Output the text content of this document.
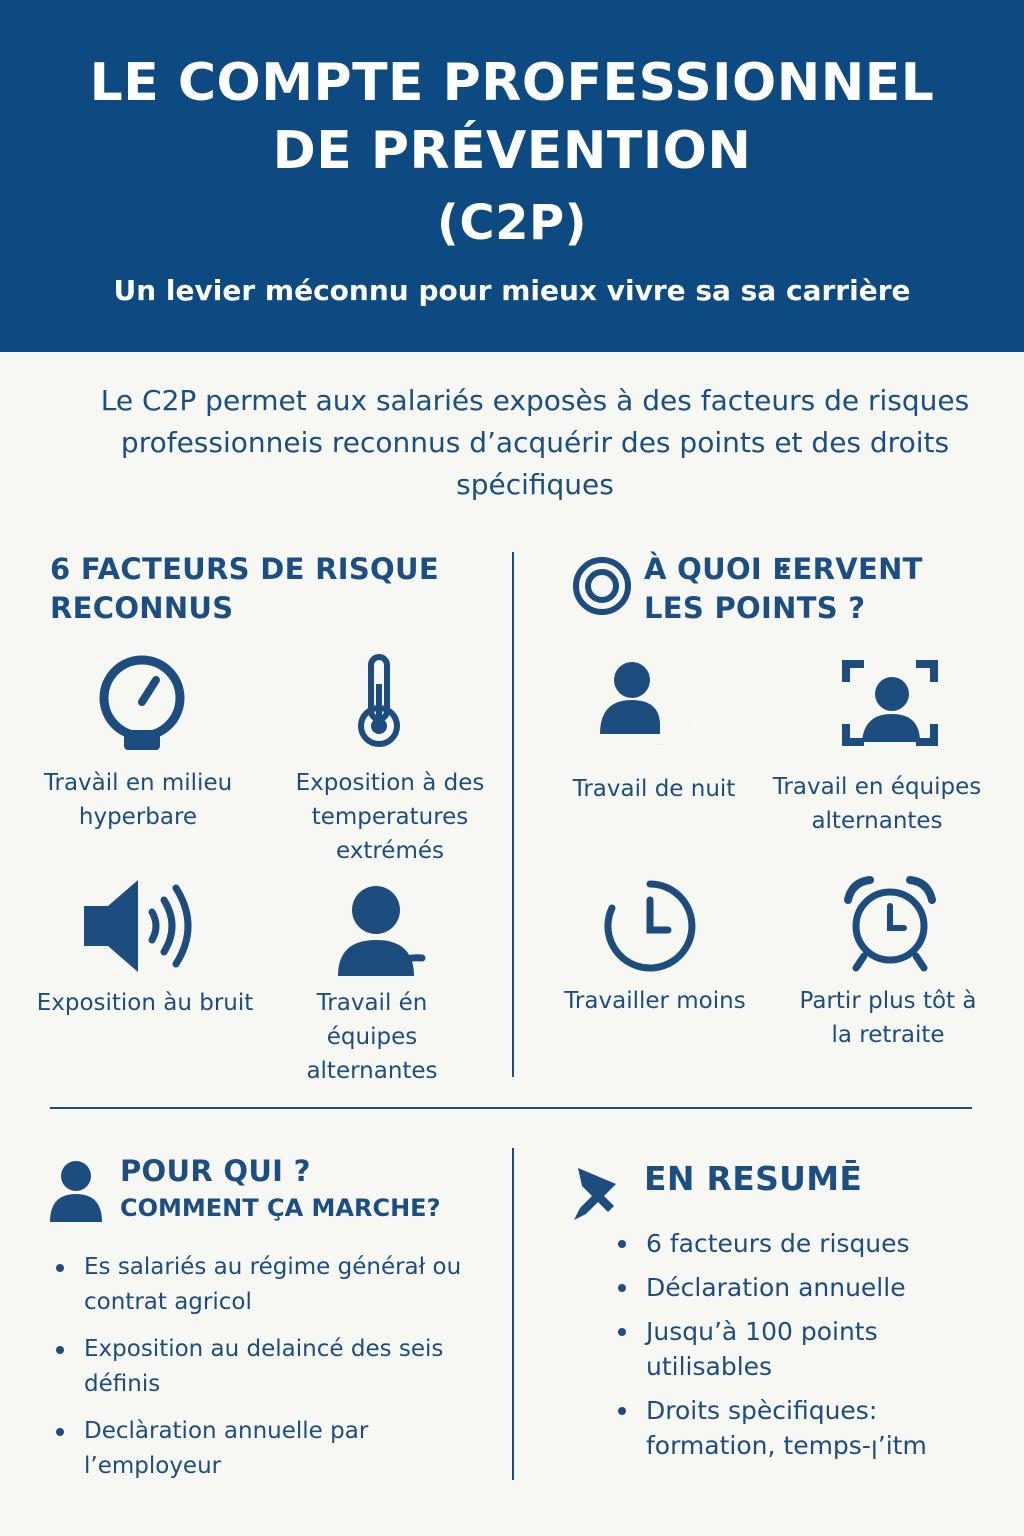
LE COMPTE PROFESSIONNEL
DE PRÉVENTION
(C2P)
Un levier méconnu pour mieux vivre sa sa carrière
Le C2P permet aux salariés exposès à des facteurs de risques professionneis reconnus d’acquérir des points et des droits spécifiques
6 FACTEURS DE RISQUE
RECONNUS
Travàil en milieu hyperbare
Exposition à des temperatures extrémés
Exposition àu bruit	Travail én équipes alternantes
À QUOI ⵟERVENT
LES POINTS ?
Travail de nuit	Travail en équipes alternantes
Travailler moins	Partir plus tôt à la retraite
POUR QUI ?
COMMENT ÇA MARCHE?
Es salariés au régime générał ou contrat agricol
Exposition au delaincé des seis définis
Declàration annuelle par l’employeur
EN RESUMĒ
6 facteurs de risques
Déclaration annuelle
Jusqu’à 100 points utilisables
Droits spècifiques: formation, temps-ꞁ’itm
